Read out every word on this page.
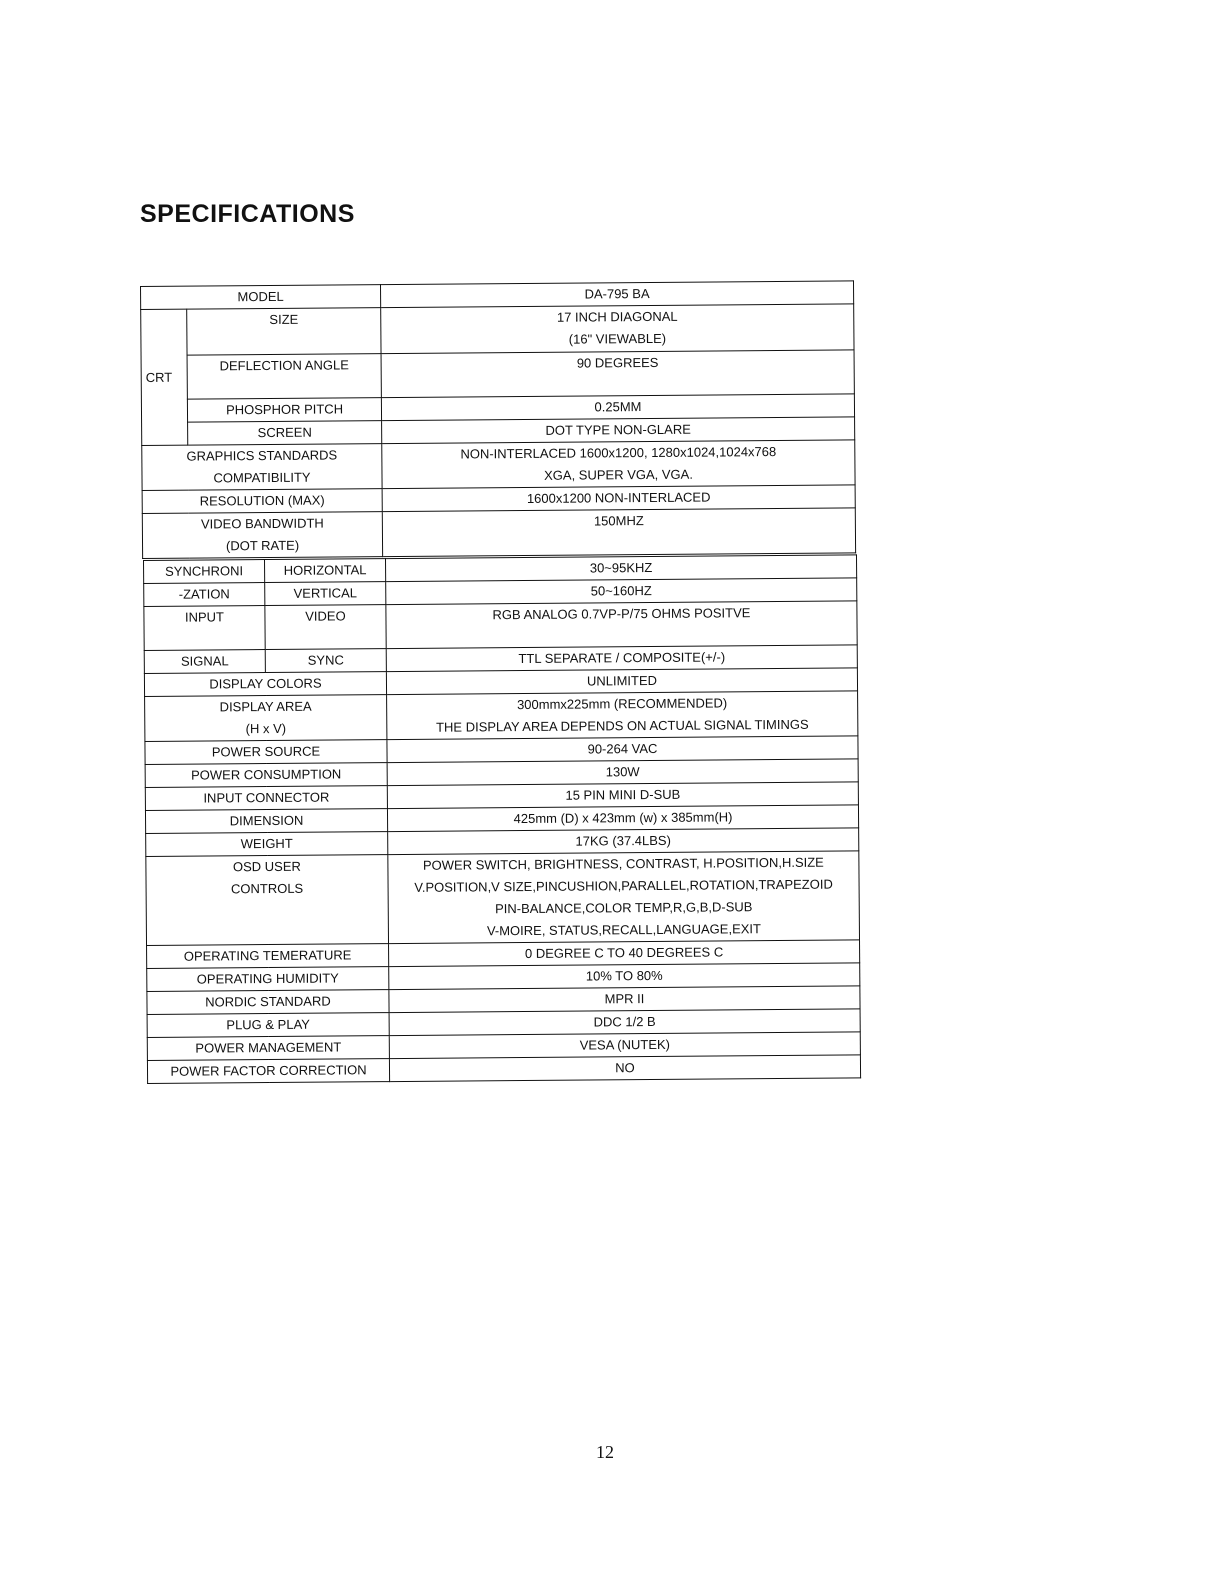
SPECIFICATIONS
MODEL		DA-795 BA
CRT	SIZE	17 INCH DIAGONAL
(16" VIEWABLE)

	DEFLECTION ANGLE	90 DEGREES
	PHOSPHOR PITCH	0.25MM
	SCREEN	DOT TYPE NON-GLARE

GRAPHICS STANDARDS
COMPATIBILITY		NON-INTERLACED 1600x1200, 1280x1024,1024x768
XGA, SUPER VGA, VGA.

RESOLUTION (MAX)		1600x1200 NON-INTERLACED

VIDEO BANDWIDTH
(DOT RATE)		150MHZ
SYNCHRONI	HORIZONTAL	30~95KHZ
-ZATION	VERTICAL	50~160HZ
INPUT	VIDEO	RGB ANALOG 0.7VP-P/75 OHMS POSITVE
SIGNAL	SYNC	TTL SEPARATE / COMPOSITE(+/-)
DISPLAY COLORS		UNLIMITED

DISPLAY AREA
(H x V)		300mmx225mm (RECOMMENDED)
THE DISPLAY AREA DEPENDS ON ACTUAL SIGNAL TIMINGS

POWER SOURCE		90-264 VAC
POWER CONSUMPTION		130W
INPUT CONNECTOR		15 PIN MINI D-SUB
DIMENSION		425mm (D) x 423mm (w) x 385mm(H)
WEIGHT		17KG (37.4LBS)

OSD USER
CONTROLS		POWER SWITCH, BRIGHTNESS, CONTRAST, H.POSITION,H.SIZE
V.POSITION,V SIZE,PINCUSHION,PARALLEL,ROTATION,TRAPEZOID
PIN-BALANCE,COLOR TEMP,R,G,B,D-SUB
V-MOIRE, STATUS,RECALL,LANGUAGE,EXIT

OPERATING TEMERATURE		0 DEGREE C TO 40 DEGREES C
OPERATING HUMIDITY		10% TO 80%
NORDIC STANDARD		MPR II
PLUG & PLAY		DDC 1/2 B
POWER MANAGEMENT		VESA (NUTEK)
POWER FACTOR CORRECTION		NO
12
